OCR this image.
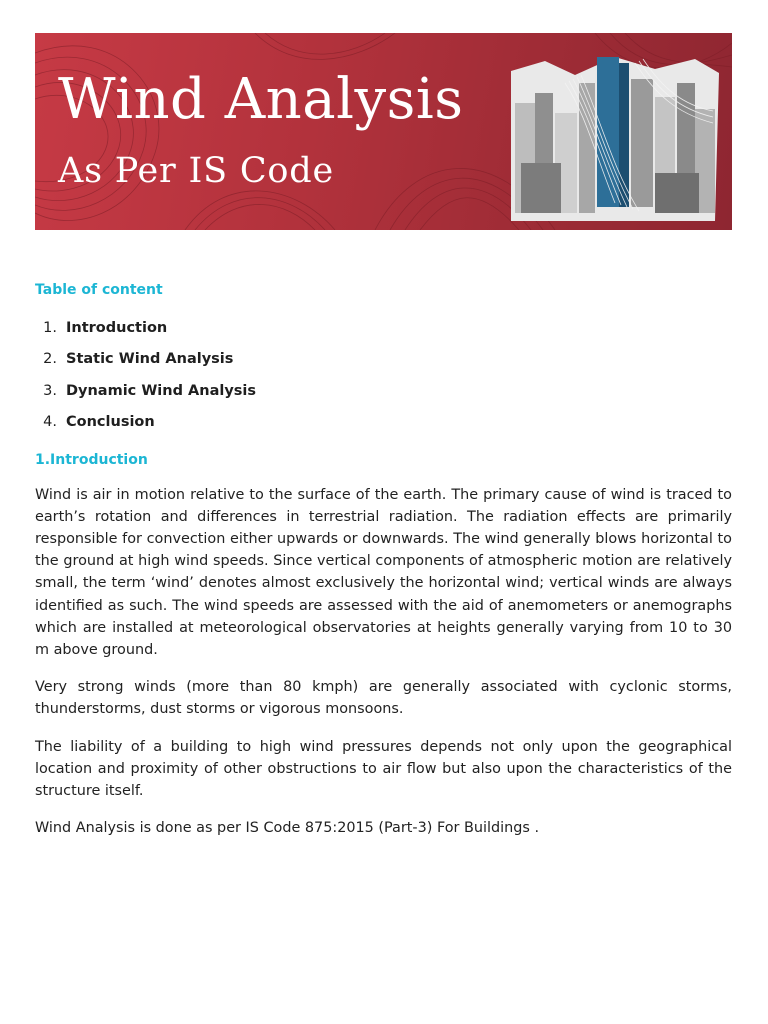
Wind Analysis
As Per IS Code
Table of content
1. Introduction
2. Static Wind Analysis
3. Dynamic Wind Analysis
4. Conclusion
1.Introduction

Wind is air in motion relative to the surface of the earth. The primary cause of wind is traced to earth’s rotation and differences in terrestrial radiation. The radiation effects are primarily responsible for convection either upwards or downwards. The wind generally blows horizontal to the ground at high wind speeds. Since vertical components of atmospheric motion are relatively small, the term ‘wind’ denotes almost exclusively the horizontal wind; vertical winds are always identified as such. The wind speeds are assessed with the aid of anemometers or anemographs which are installed at meteorological observatories at heights generally varying from 10 to 30 m above ground.

Very strong winds (more than 80 kmph) are generally associated with cyclonic storms, thunderstorms, dust storms or vigorous monsoons.

The liability of a building to high wind pressures depends not only upon the geographical location and proximity of other obstructions to air flow but also upon the characteristics of the structure itself.

Wind Analysis is done as per IS Code 875:2015 (Part-3) For Buildings .
